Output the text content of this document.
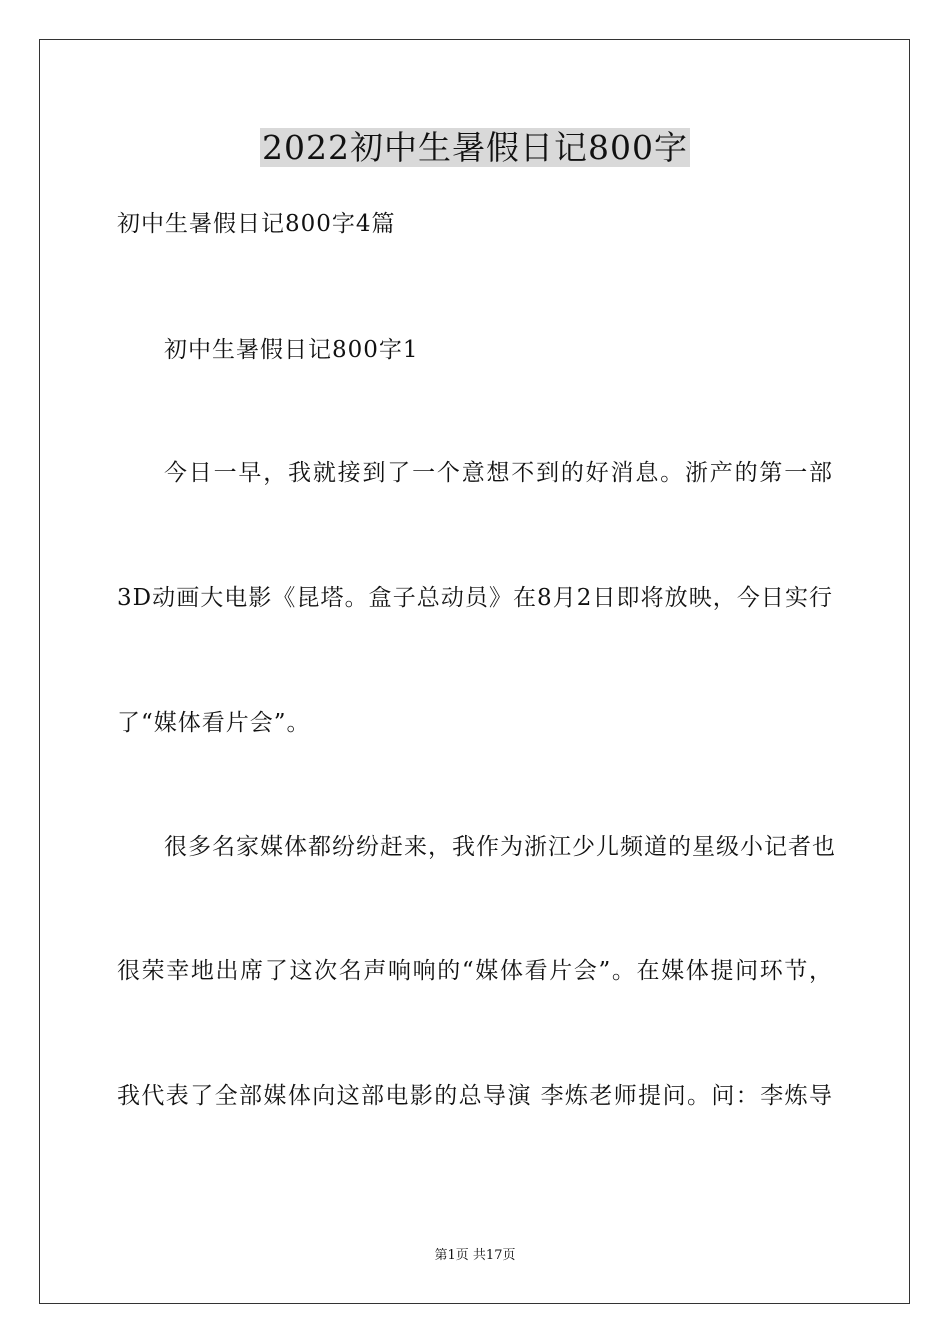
2022初中生暑假日记800字
初中生暑假日记800字4篇
初中生暑假日记800字1
今日一早，我就接到了一个意想不到的好消息。浙产的第一部
3D动画大电影《昆塔。盒子总动员》在8月2日即将放映，今日实行
了“媒体看片会”。
很多名家媒体都纷纷赶来，我作为浙江少儿频道的星级小记者也
很荣幸地出席了这次名声响响的“媒体看片会”。在媒体提问环节，
我代表了全部媒体向这部电影的总导演 李炼老师提问。问：李炼导
第1页 共17页
